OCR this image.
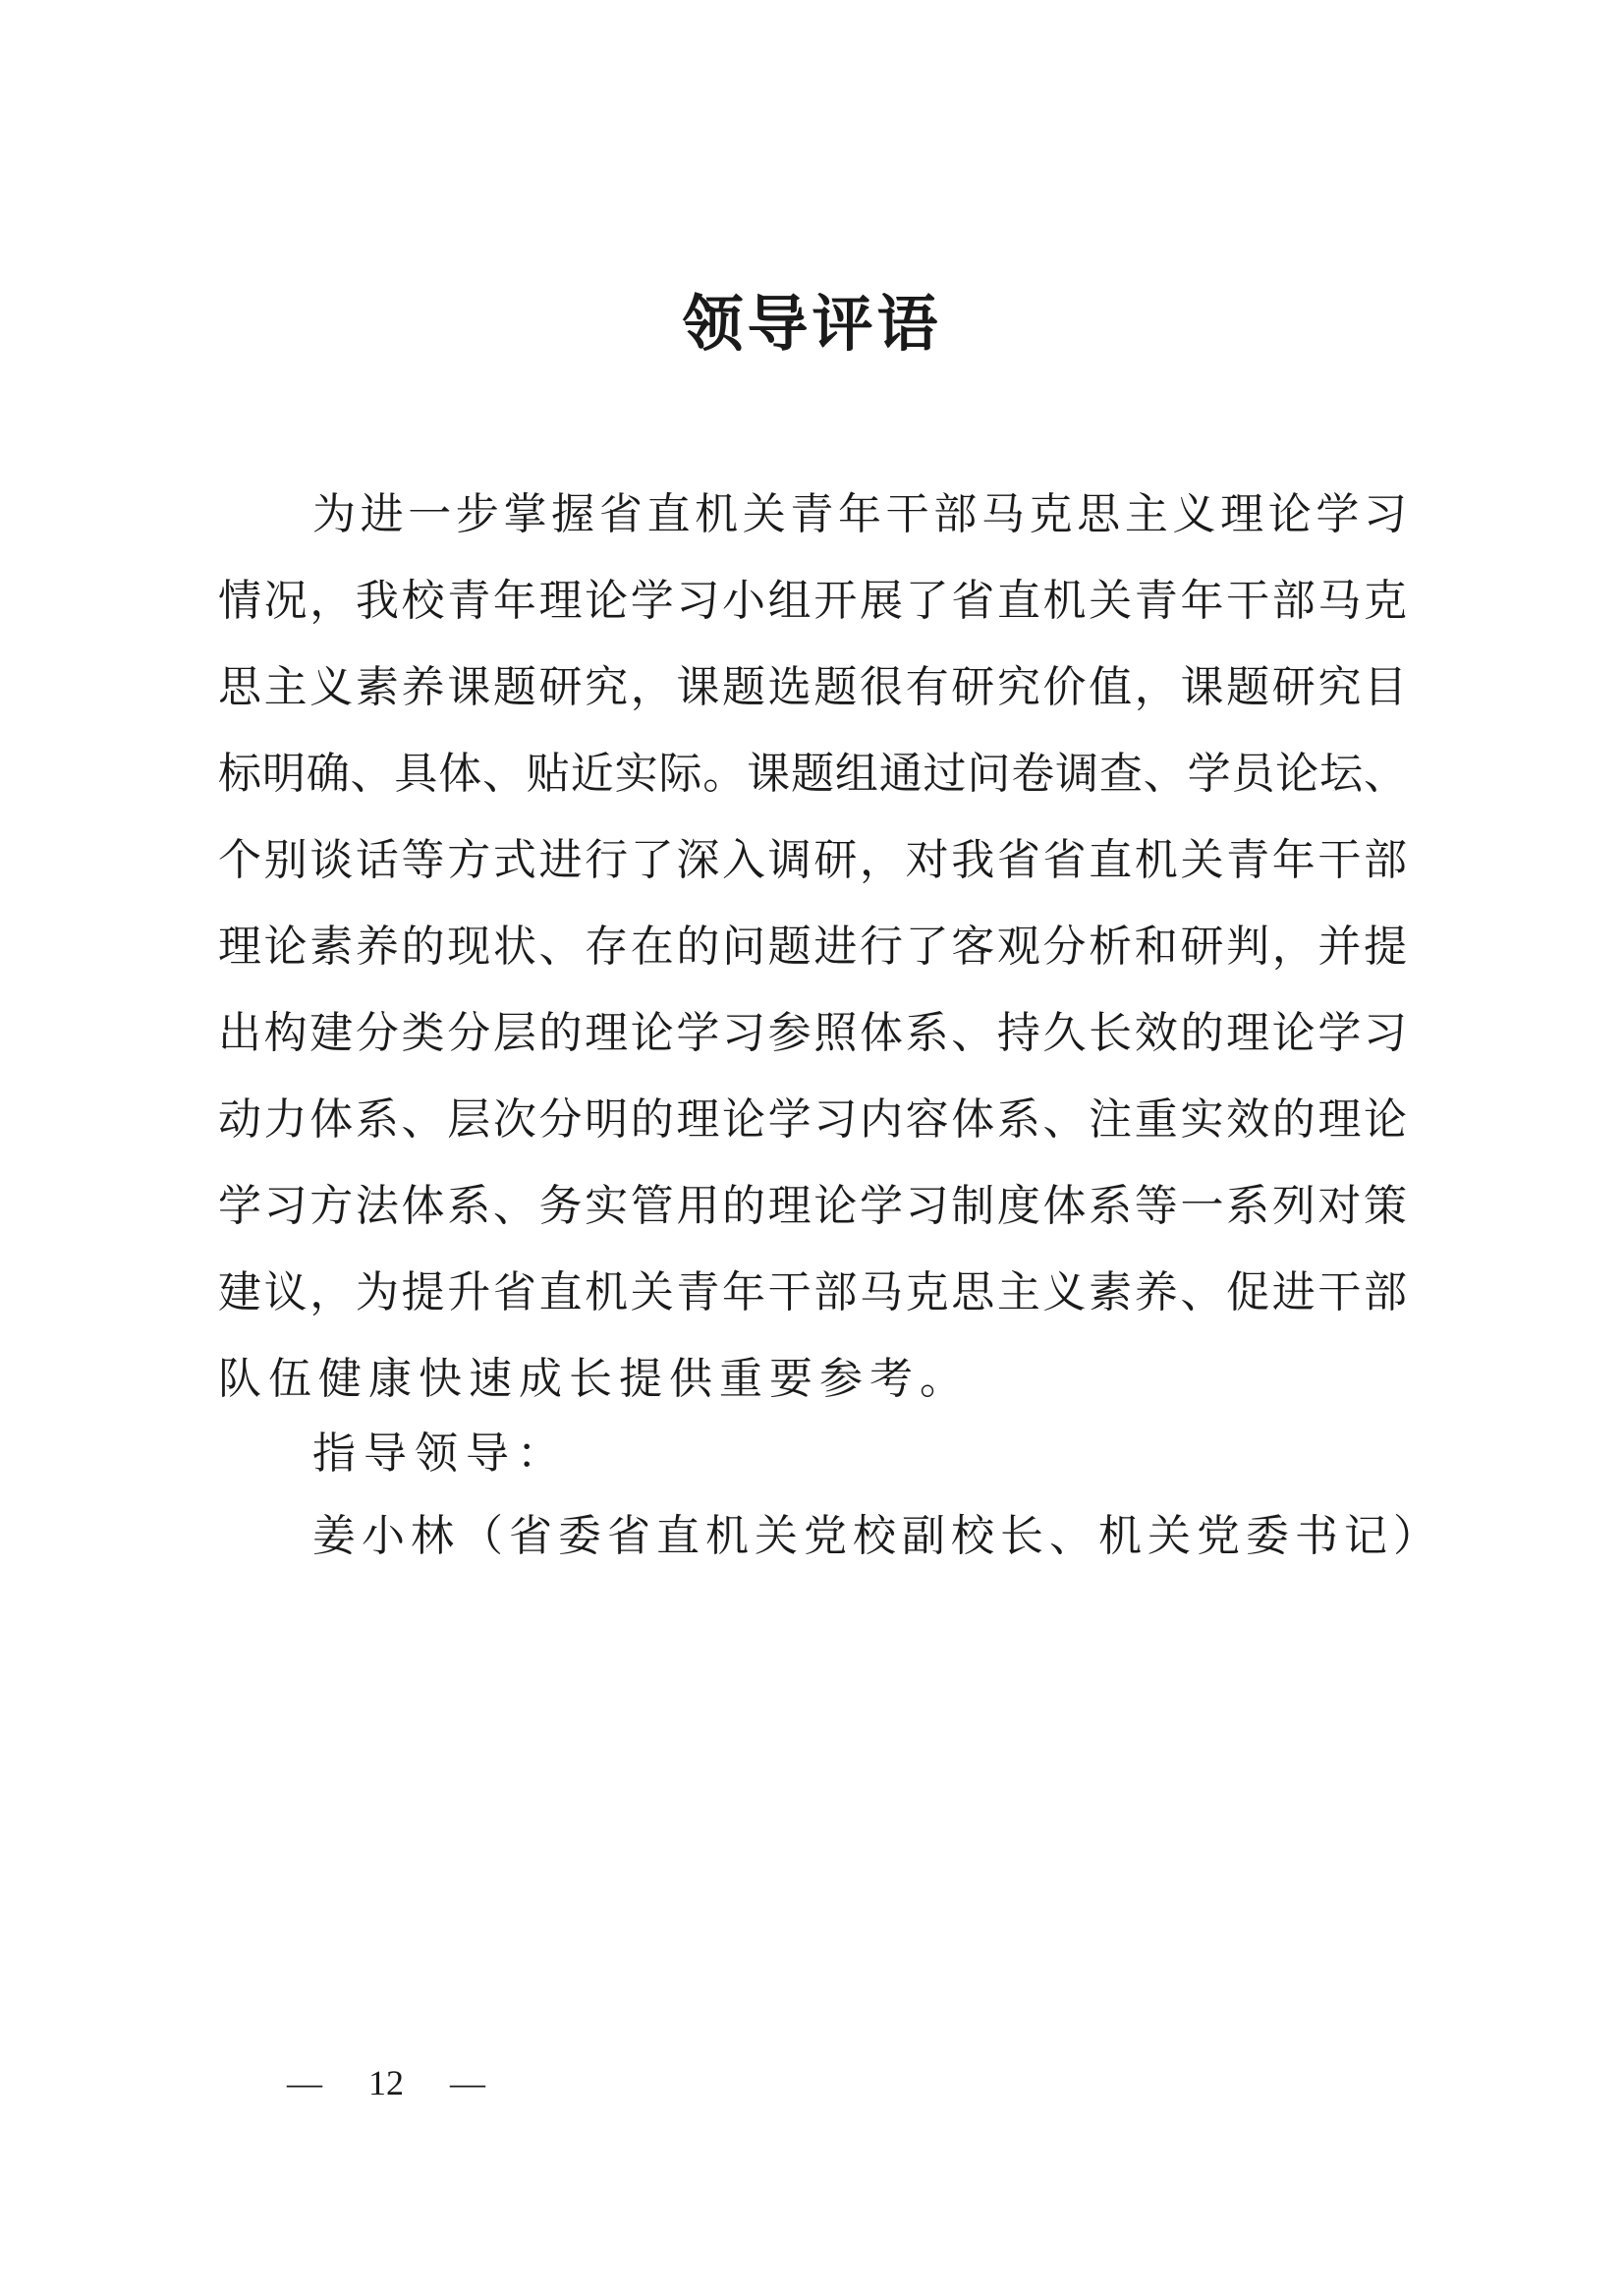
领导评语
为进一步掌握省直机关青年干部马克思主义理论学习
情况，我校青年理论学习小组开展了省直机关青年干部马克
思主义素养课题研究，课题选题很有研究价值，课题研究目
标明确、具体、贴近实际。课题组通过问卷调查、学员论坛、
个别谈话等方式进行了深入调研，对我省省直机关青年干部
理论素养的现状、存在的问题进行了客观分析和研判，并提
出构建分类分层的理论学习参照体系、持久长效的理论学习
动力体系、层次分明的理论学习内容体系、注重实效的理论
学习方法体系、务实管用的理论学习制度体系等一系列对策
建议，为提升省直机关青年干部马克思主义素养、促进干部
队伍健康快速成长提供重要参考。
指导领导：
姜小林（省委省直机关党校副校长、机关党委书记）
— 12 —
